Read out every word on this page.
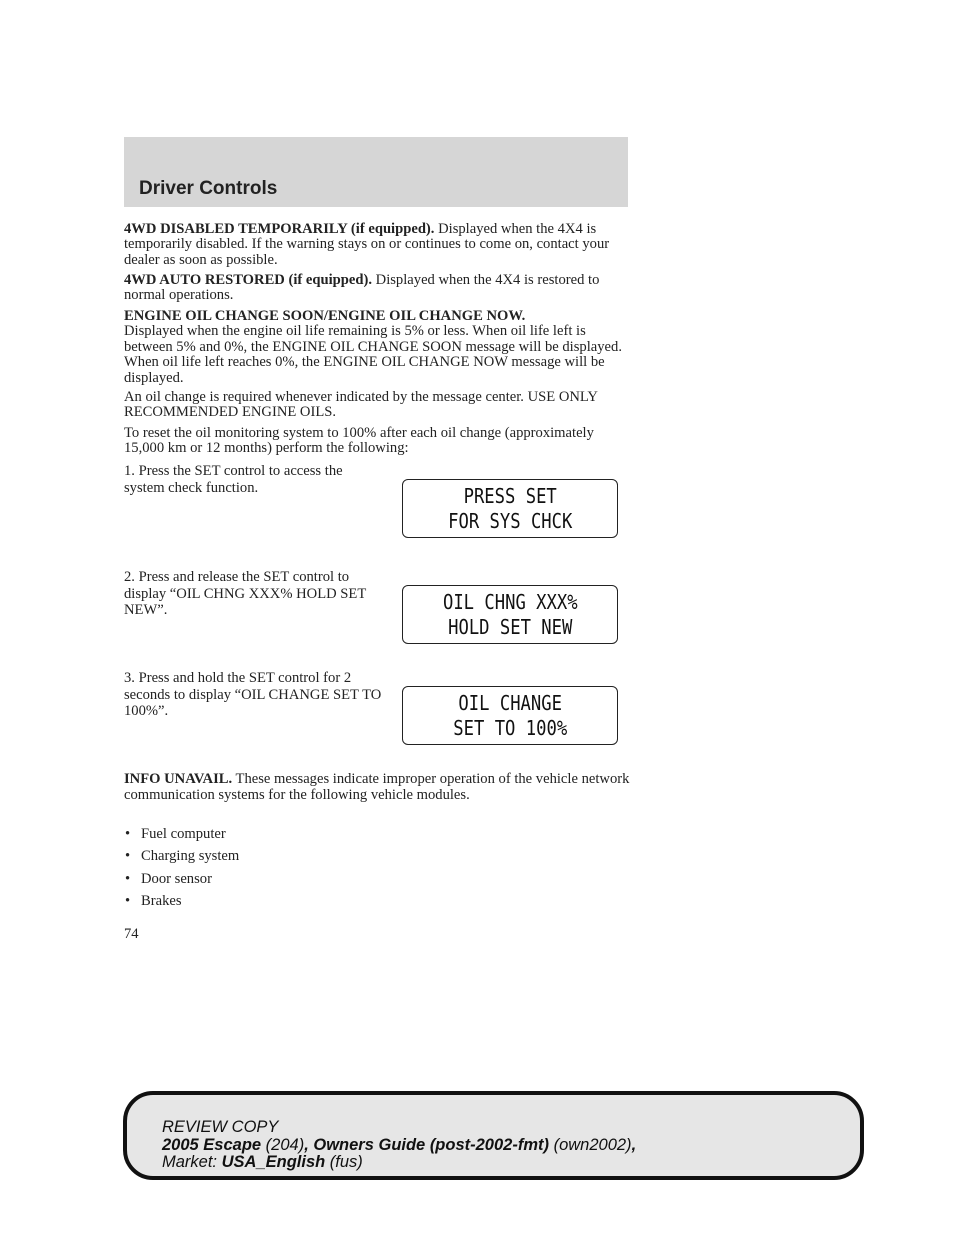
Driver Controls

4WD DISABLED TEMPORARILY (if equipped). Displayed when the 4X4 is temporarily disabled. If the warning stays on or continues to come on, contact your dealer as soon as possible.

4WD AUTO RESTORED (if equipped). Displayed when the 4X4 is restored to normal operations.

ENGINE OIL CHANGE SOON/ENGINE OIL CHANGE NOW.
Displayed when the engine oil life remaining is 5% or less. When oil life left is between 5% and 0%, the ENGINE OIL CHANGE SOON message will be displayed. When oil life left reaches 0%, the ENGINE OIL CHANGE NOW message will be displayed.

An oil change is required whenever indicated by the message center. USE ONLY RECOMMENDED ENGINE OILS.

To reset the oil monitoring system to 100% after each oil change (approximately 15,000 km or 12 months) perform the following:

1. Press the SET control to access the system check function.	PRESS SET
FOR SYS CHCK

2. Press and release the SET control to display “OIL CHNG XXX% HOLD SET NEW”.	OIL CHNG XXX%
HOLD SET NEW

3. Press and hold the SET control for 2 seconds to display “OIL CHANGE SET TO 100%”.	OIL CHANGE
SET TO 100%

INFO UNAVAIL. These messages indicate improper operation of the vehicle network communication systems for the following vehicle modules.

• Fuel computer
• Charging system
• Door sensor
• Brakes
74
REVIEW COPY
2005 Escape (204), Owners Guide (post-2002-fmt) (own2002),
Market: USA_English (fus)
